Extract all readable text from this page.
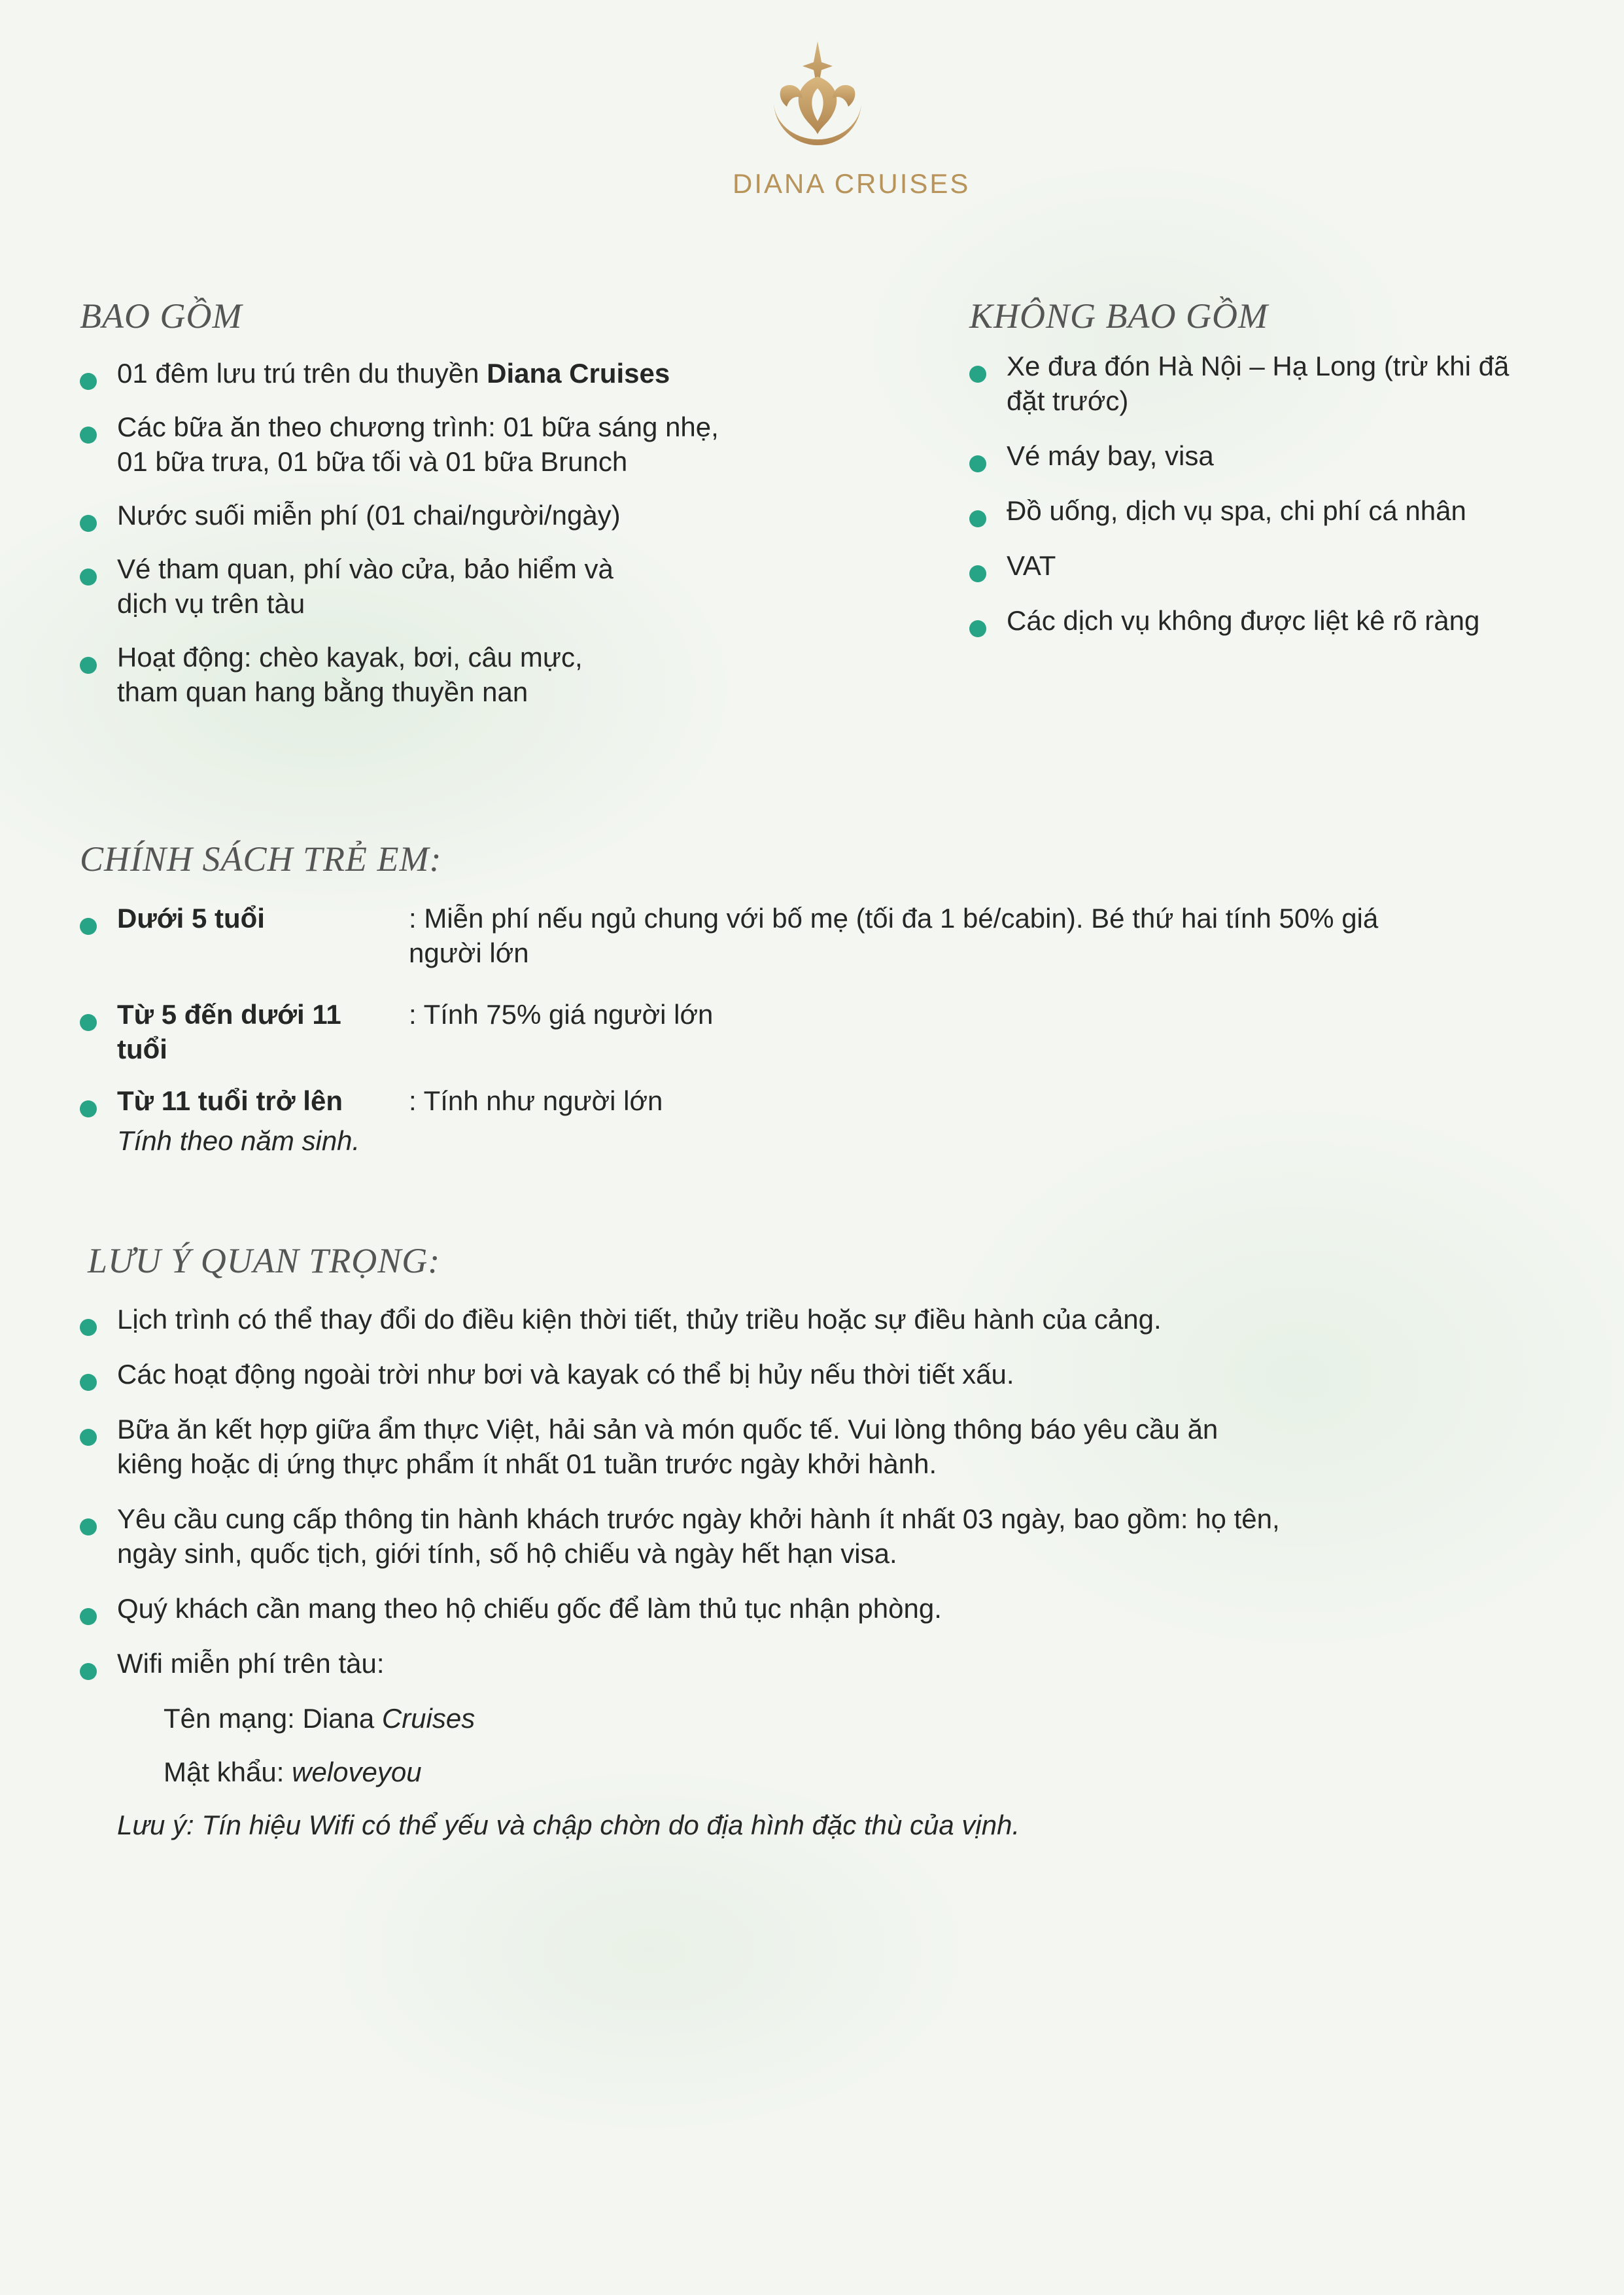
DIANA CRUISES
BAO GỒM
01 đêm lưu trú trên du thuyền Diana Cruises
Các bữa ăn theo chương trình: 01 bữa sáng nhẹ,
01 bữa trưa, 01 bữa tối và 01 bữa Brunch
Nước suối miễn phí (01 chai/người/ngày)
Vé tham quan, phí vào cửa, bảo hiểm và
dịch vụ trên tàu
Hoạt động: chèo kayak, bơi, câu mực,
tham quan hang bằng thuyền nan
KHÔNG BAO GỒM
Xe đưa đón Hà Nội – Hạ Long (trừ khi đã
đặt trước)
Vé máy bay, visa
Đồ uống, dịch vụ spa, chi phí cá nhân
VAT
Các dịch vụ không được liệt kê rõ ràng
CHÍNH SÁCH TRẺ EM:
Dưới 5 tuổi	: Miễn phí nếu ngủ chung với bố mẹ (tối đa 1 bé/cabin). Bé thứ hai tính 50% giá
người lớn
Từ 5 đến dưới 11
tuổi
: Tính 75% giá người lớn
Từ 11 tuổi trở lên	: Tính như người lớn
Tính theo năm sinh.
LƯU Ý QUAN TRỌNG:
Lịch trình có thể thay đổi do điều kiện thời tiết, thủy triều hoặc sự điều hành của cảng.
Các hoạt động ngoài trời như bơi và kayak có thể bị hủy nếu thời tiết xấu.
Bữa ăn kết hợp giữa ẩm thực Việt, hải sản và món quốc tế. Vui lòng thông báo yêu cầu ăn
kiêng hoặc dị ứng thực phẩm ít nhất 01 tuần trước ngày khởi hành.
Yêu cầu cung cấp thông tin hành khách trước ngày khởi hành ít nhất 03 ngày, bao gồm: họ tên,
ngày sinh, quốc tịch, giới tính, số hộ chiếu và ngày hết hạn visa.
Quý khách cần mang theo hộ chiếu gốc để làm thủ tục nhận phòng.
Wifi miễn phí trên tàu:
Tên mạng: Diana Cruises
Mật khẩu: weloveyou
Lưu ý: Tín hiệu Wifi có thể yếu và chập chờn do địa hình đặc thù của vịnh.
